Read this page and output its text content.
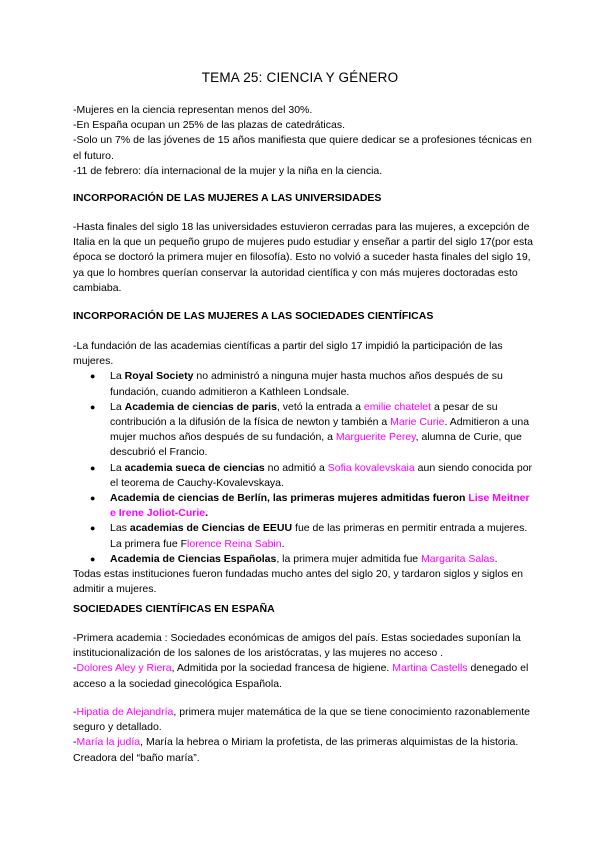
TEMA 25: CIENCIA Y GÉNERO

-Mujeres en la ciencia representan menos del 30%.

-En España ocupan un 25% de las plazas de catedráticas.

-Solo un 7% de las jóvenes de 15 años manifiesta que quiere dedicar se a profesiones técnicas en el futuro.

-11 de febrero: día internacional de la mujer y la niña en la ciencia.

INCORPORACIÓN DE LAS MUJERES A LAS UNIVERSIDADES

-Hasta finales del siglo 18 las universidades estuvieron cerradas para las mujeres, a excepción de Italia en la que un pequeño grupo de mujeres pudo estudiar y enseñar a partir del siglo 17(por esta época se doctoró la primera mujer en filosofía). Esto no volvió a suceder hasta finales del siglo 19, ya que lo hombres querían conservar la autoridad científica y con más mujeres doctoradas esto cambiaba.

INCORPORACIÓN DE LAS MUJERES A LAS SOCIEDADES CIENTÍFICAS

-La fundación de las academias científicas a partir del siglo 17 impidió la participación de las mujeres.

● La Royal Society no administró a ninguna mujer hasta muchos años después de su fundación, cuando admitieron a Kathleen Londsale.
● La Academia de ciencias de paris, vetó la entrada a emilie chatelet a pesar de su contribución a la difusión de la física de newton y también a Marie Curie. Admitieron a una mujer muchos años después de su fundación, a Marguerite Perey, alumna de Curie, que descubrió el Francio.
● La academia sueca de ciencias no admitió a Sofia kovalevskaia aun siendo conocida por el teorema de Cauchy-Kovalevskaya.
● Academia de ciencias de Berlín, las primeras mujeres admitidas fueron Lise Meitner e Irene Joliot-Curie.
● Las academias de Ciencias de EEUU fue de las primeras en permitir entrada a mujeres. La primera fue Florence Reina Sabin.
● Academia de Ciencias Españolas, la primera mujer admitida fue Margarita Salas.

Todas estas instituciones fueron fundadas mucho antes del siglo 20, y tardaron siglos y siglos en admitir a mujeres.

SOCIEDADES CIENTÍFICAS EN ESPAÑA

-Primera academia : Sociedades económicas de amigos del país. Estas sociedades suponían la institucionalización de los salones de los aristócratas, y las mujeres no acceso .

-Dolores Aley y Riera, Admitida por la sociedad francesa de higiene. Martina Castells denegado el acceso a la sociedad ginecológica Española.

-Hipatia de Alejandría, primera mujer matemática de la que se tiene conocimiento razonablemente seguro y detallado.

-María la judía, María la hebrea o Miriam la profetista, de las primeras alquimistas de la historia. Creadora del “baño maría”.
